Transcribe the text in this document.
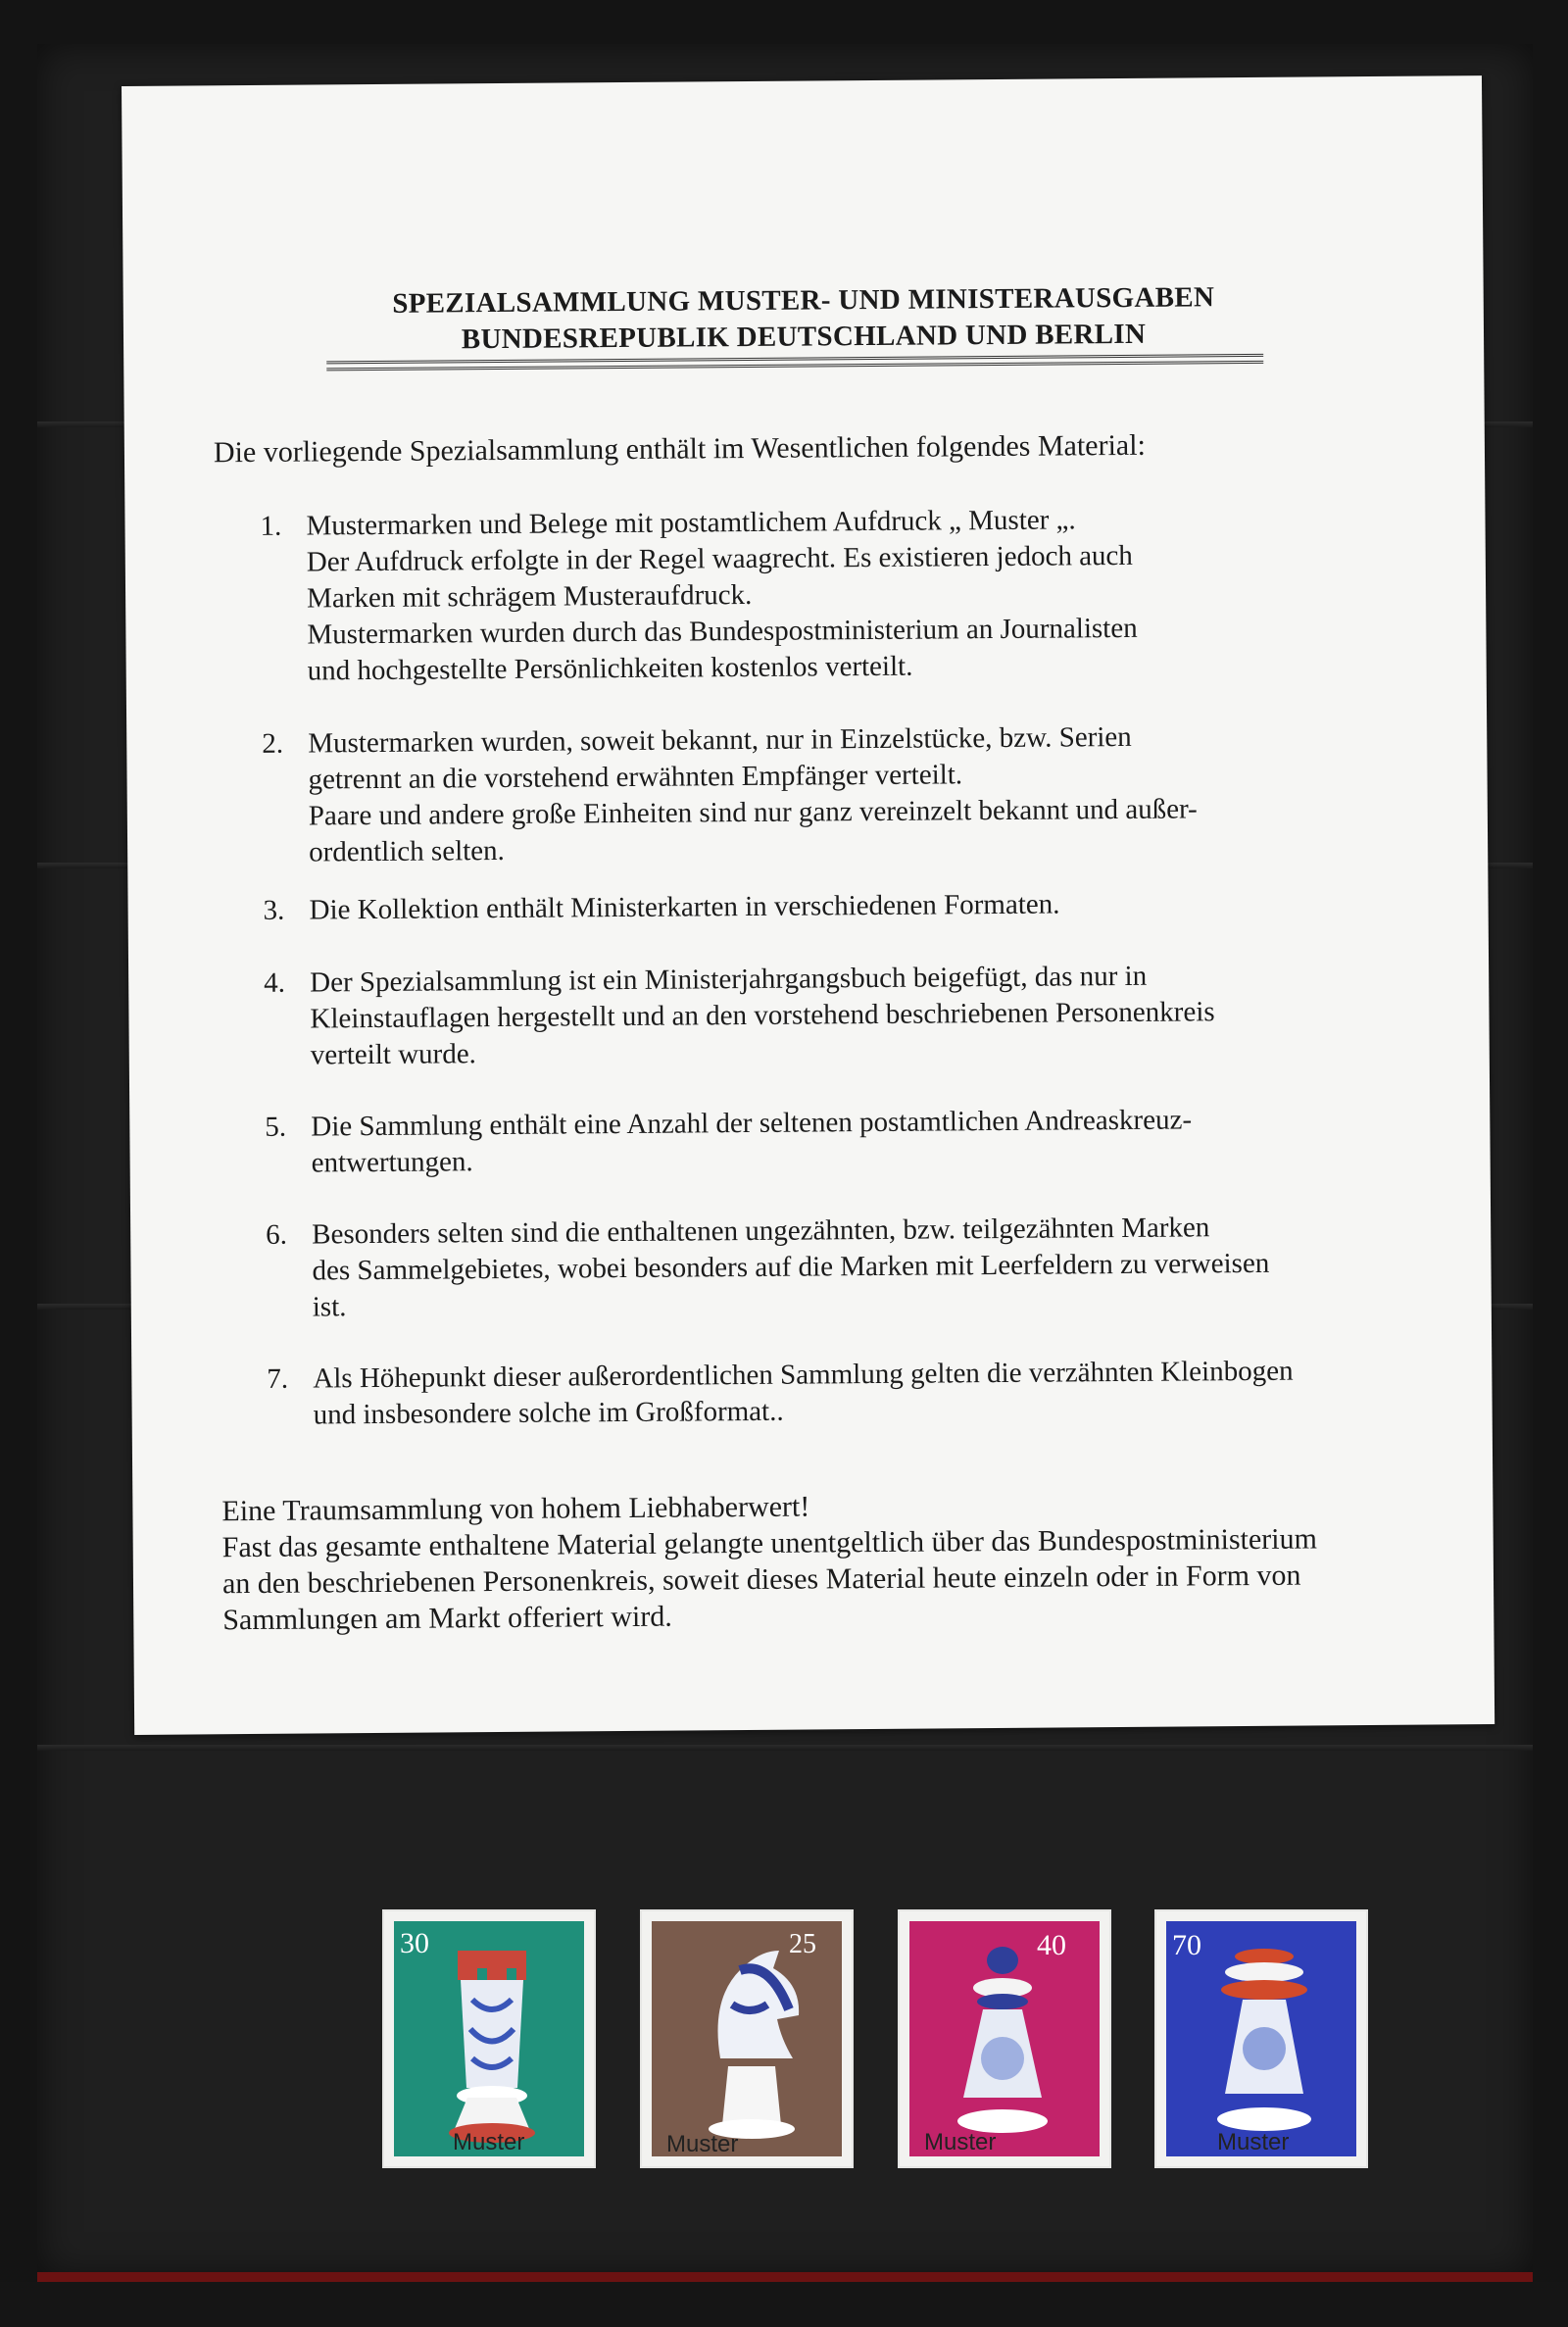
SPEZIALSAMMLUNG MUSTER- UND MINISTERAUSGABEN
BUNDESREPUBLIK DEUTSCHLAND UND BERLIN
Die vorliegende Spezialsammlung enthält im Wesentlichen folgendes Material:
1. Mustermarken und Belege mit postamtlichem Aufdruck „ Muster „.
Der Aufdruck erfolgte in der Regel waagrecht. Es existieren jedoch auch
Marken mit schrägem Musteraufdruck.
Mustermarken wurden durch das Bundespostministerium an Journalisten
und hochgestellte Persönlichkeiten kostenlos verteilt.
2. Mustermarken wurden, soweit bekannt, nur in Einzelstücke, bzw. Serien
getrennt an die vorstehend erwähnten Empfänger verteilt.
Paare und andere große Einheiten sind nur ganz vereinzelt bekannt und außer-
ordentlich selten.
3. Die Kollektion enthält Ministerkarten in verschiedenen Formaten.
4. Der Spezialsammlung ist ein Ministerjahrgangsbuch beigefügt, das nur in
Kleinstauflagen hergestellt und an den vorstehend beschriebenen Personenkreis
verteilt wurde.
5. Die Sammlung enthält eine Anzahl der seltenen postamtlichen Andreaskreuz-
entwertungen.
6. Besonders selten sind die enthaltenen ungezähnten, bzw. teilgezähnten Marken
des Sammelgebietes, wobei besonders auf die Marken mit Leerfeldern zu verweisen
ist.
7. Als Höhepunkt dieser außerordentlichen Sammlung gelten die verzähnten Kleinbogen
und insbesondere solche im Großformat..
Eine Traumsammlung von hohem Liebhaberwert!
Fast das gesamte enthaltene Material gelangte unentgeltlich über das Bundespostministerium
an den beschriebenen Personenkreis, soweit dieses Material heute einzeln oder in Form von
Sammlungen am Markt offeriert wird.
30
Muster
25
Muster
40
Muster
70
Muster
